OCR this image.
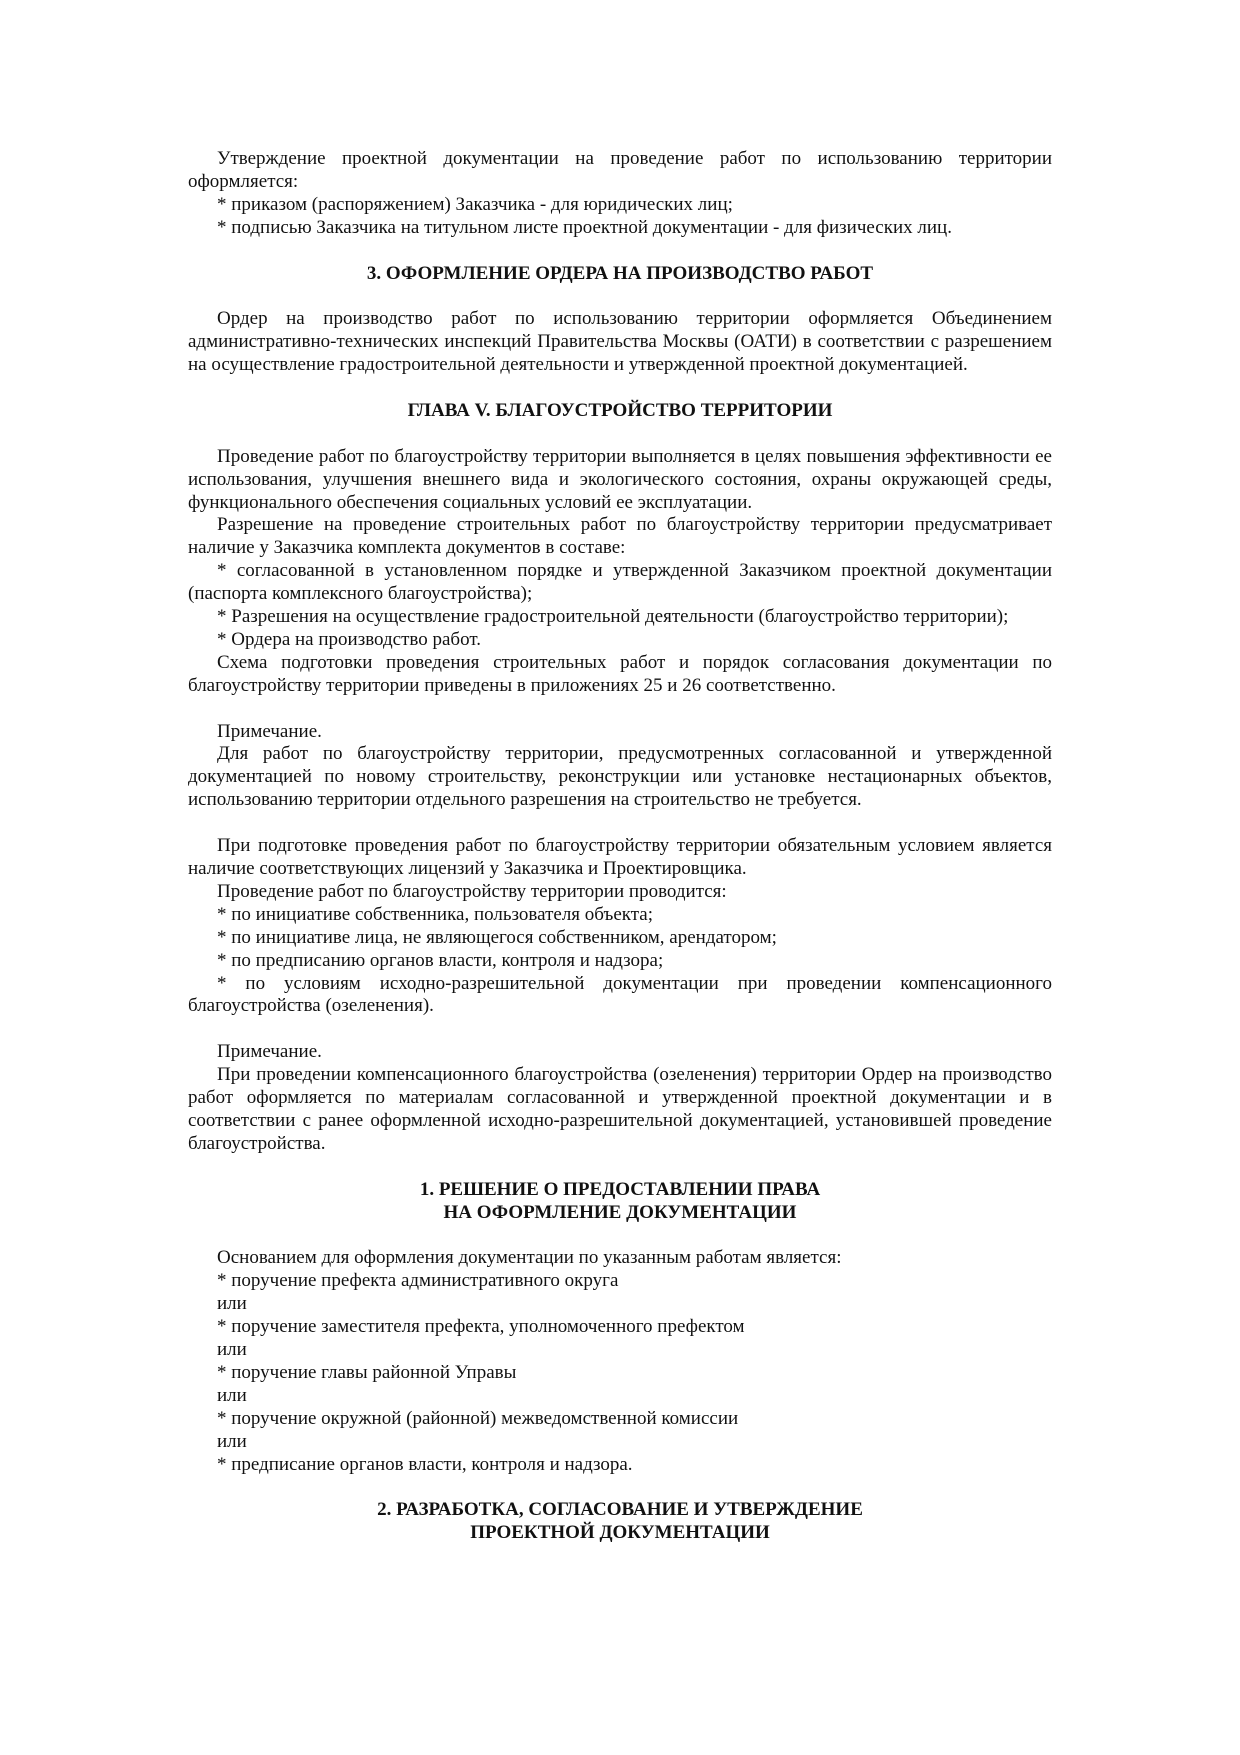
Утверждение проектной документации на проведение работ по использованию территории оформляется:
* приказом (распоряжением) Заказчика - для юридических лиц;
* подписью Заказчика на титульном листе проектной документации - для физических лиц.
3. ОФОРМЛЕНИЕ ОРДЕРА НА ПРОИЗВОДСТВО РАБОТ
Ордер на производство работ по использованию территории оформляется Объединением административно-технических инспекций Правительства Москвы (ОАТИ) в соответствии с разрешением на осуществление градостроительной деятельности и утвержденной проектной документацией.
ГЛАВА V. БЛАГОУСТРОЙСТВО ТЕРРИТОРИИ
Проведение работ по благоустройству территории выполняется в целях повышения эффективности ее использования, улучшения внешнего вида и экологического состояния, охраны окружающей среды, функционального обеспечения социальных условий ее эксплуатации.
Разрешение на проведение строительных работ по благоустройству территории предусматривает наличие у Заказчика комплекта документов в составе:
* согласованной в установленном порядке и утвержденной Заказчиком проектной документации (паспорта комплексного благоустройства);
* Разрешения на осуществление градостроительной деятельности (благоустройство территории);
* Ордера на производство работ.
Схема подготовки проведения строительных работ и порядок согласования документации по благоустройству территории приведены в приложениях 25 и 26 соответственно.
Примечание.
Для работ по благоустройству территории, предусмотренных согласованной и утвержденной документацией по новому строительству, реконструкции или установке нестационарных объектов, использованию территории отдельного разрешения на строительство не требуется.
При подготовке проведения работ по благоустройству территории обязательным условием является наличие соответствующих лицензий у Заказчика и Проектировщика.
Проведение работ по благоустройству территории проводится:
* по инициативе собственника, пользователя объекта;
* по инициативе лица, не являющегося собственником, арендатором;
* по предписанию органов власти, контроля и надзора;
* по условиям исходно-разрешительной документации при проведении компенсационного благоустройства (озеленения).
Примечание.
При проведении компенсационного благоустройства (озеленения) территории Ордер на производство работ оформляется по материалам согласованной и утвержденной проектной документации и в соответствии с ранее оформленной исходно-разрешительной документацией, установившей проведение благоустройства.
1. РЕШЕНИЕ О ПРЕДОСТАВЛЕНИИ ПРАВА
НА ОФОРМЛЕНИЕ ДОКУМЕНТАЦИИ
Основанием для оформления документации по указанным работам является:
* поручение префекта административного округа
или
* поручение заместителя префекта, уполномоченного префектом
или
* поручение главы районной Управы
или
* поручение окружной (районной) межведомственной комиссии
или
* предписание органов власти, контроля и надзора.
2. РАЗРАБОТКА, СОГЛАСОВАНИЕ И УТВЕРЖДЕНИЕ
ПРОЕКТНОЙ ДОКУМЕНТАЦИИ
